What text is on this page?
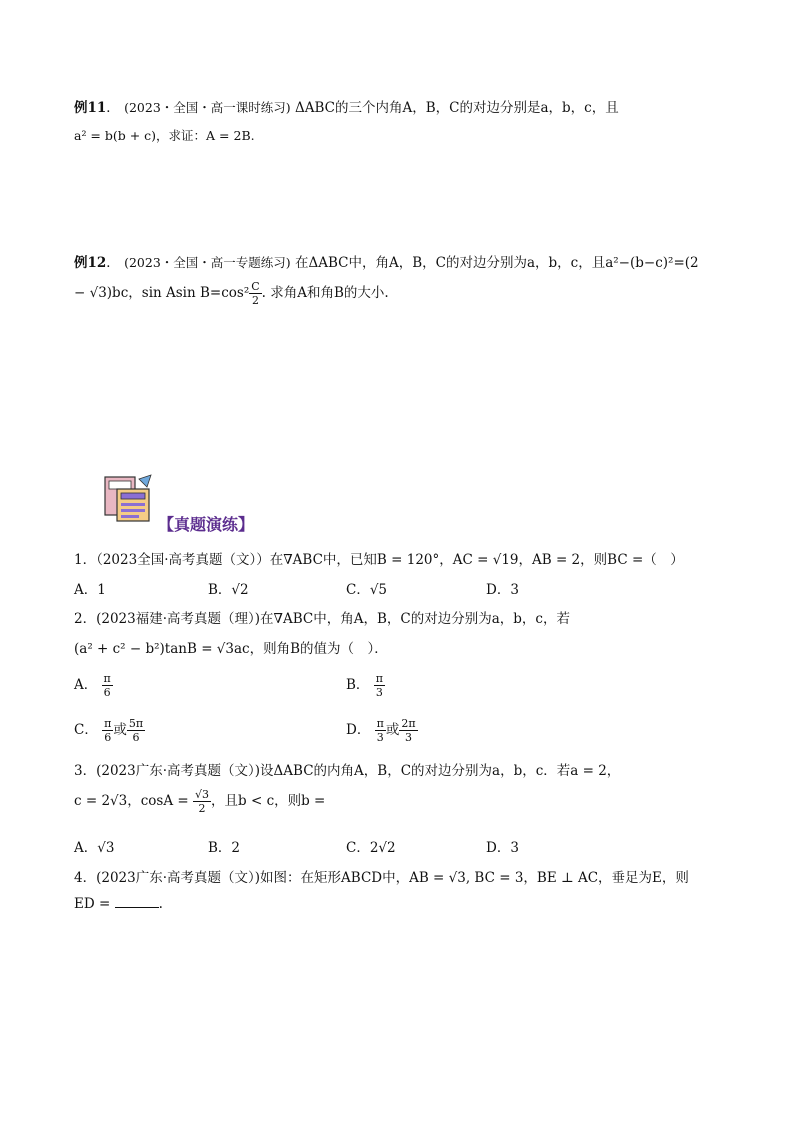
例11． (2023・全国・高一课时练习) ΔABC的三个内角A，B，C的对边分别是a，b，c，且
a² = b(b + c)，求证：A = 2B.
例12． (2023・全国・高一专题练习) 在ΔABC中，角A，B，C的对边分别为a，b，c，且a²−(b−c)²=(2
− √3)bc，sin Asin $B=\cos^2 \frac{C}{2}$ . 求角A和角B的大小.
【真题演练】
1．（2023全国·高考真题（文））在∇ABC中，已知B = 120°，AC = √19，AB = 2，则BC =（　）
A．1	B．√2	C．√5	D．3
2．(2023福建·高考真题（理）)在∇ABC中，角A，B，C的对边分别为a，b，c，若
(a² + c² − b²)tanB = √3ac，则角B的值为（　）．
A． $\frac{\pi}{6}$	B． $\frac{\pi}{3}$
C． $\frac{\pi}{6}$ 或 $\frac{5\pi}{6}$	D． $\frac{\pi}{3}$ 或 $\frac{2\pi}{3}$
3．(2023广东·高考真题（文）)设ΔABC的内角A，B，C的对边分别为a，b，c．若a = 2，
c = 2√3，$\cos A = \frac{√3}{2}$ ，且b < c，则b =
A．√3	B．2	C．2√2	D．3
4．(2023广东·高考真题（文）)如图：在矩形ABCD中，AB = √3, BC = 3，BE ⊥ AC，垂足为E，则
ED =	.
